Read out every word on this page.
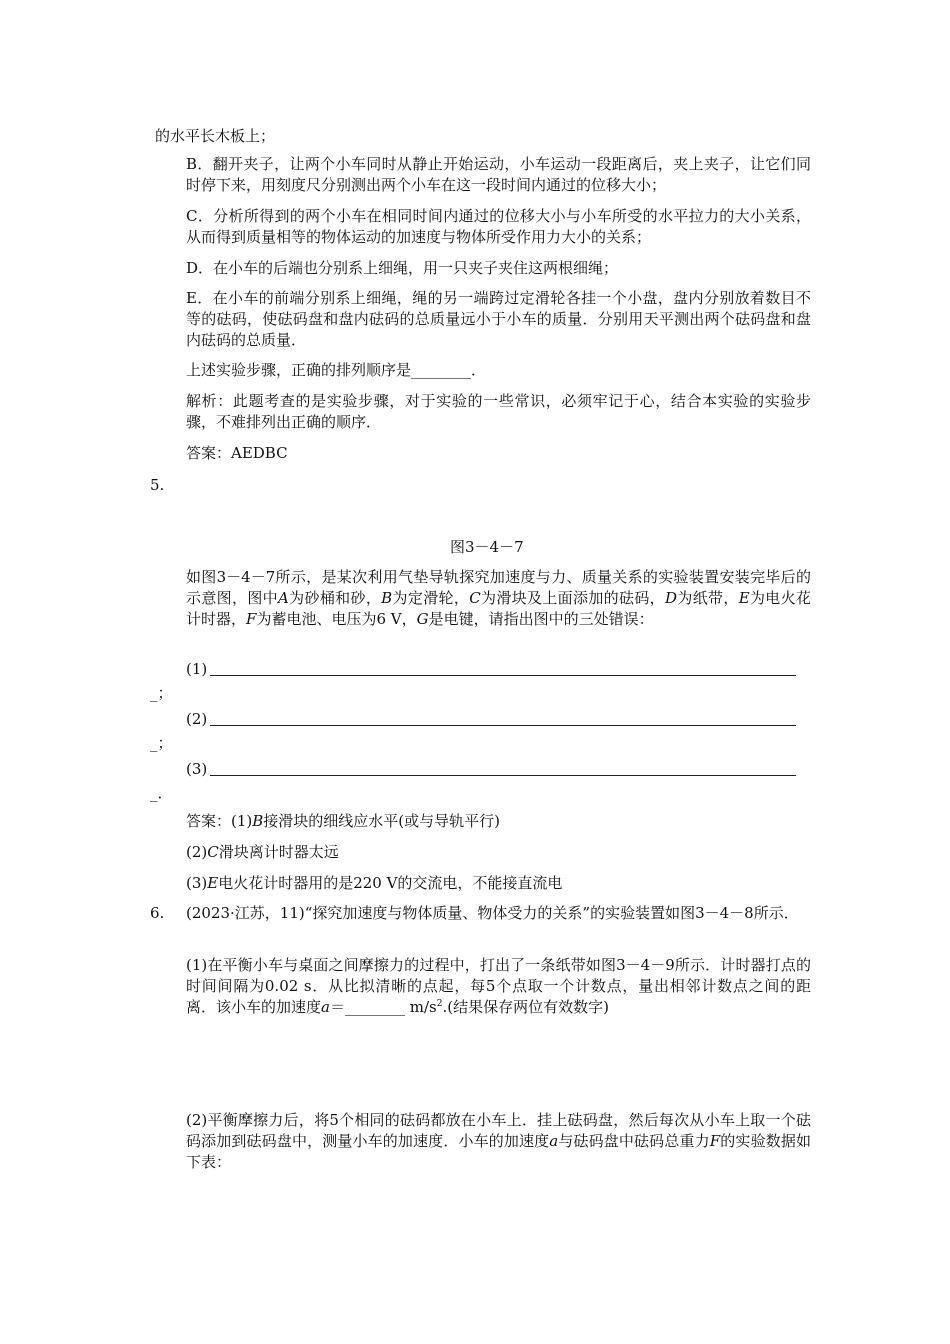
的水平长木板上；

B．翻开夹子，让两个小车同时从静止开始运动，小车运动一段距离后，夹上夹子，让它们同时停下来，用刻度尺分别测出两个小车在这一段时间内通过的位移大小；

C．分析所得到的两个小车在相同时间内通过的位移大小与小车所受的水平拉力的大小关系，从而得到质量相等的物体运动的加速度与物体所受作用力大小的关系；

D．在小车的后端也分别系上细绳，用一只夹子夹住这两根细绳；

E．在小车的前端分别系上细绳，绳的另一端跨过定滑轮各挂一个小盘，盘内分别放着数目不等的砝码，使砝码盘和盘内砝码的总质量远小于小车的质量．分别用天平测出两个砝码盘和盘内砝码的总质量．

上述实验步骤，正确的排列顺序是________．

解析：此题考查的是实验步骤，对于实验的一些常识，必须牢记于心，结合本实验的实验步骤，不难排列出正确的顺序．

答案：AEDBC

5.

图3－4－7

如图3－4－7所示，是某次利用气垫导轨探究加速度与力、质量关系的实验装置安装完毕后的示意图，图中A为砂桶和砂，B为定滑轮，C为滑块及上面添加的砝码，D为纸带，E为电火花计时器，F为蓄电池、电压为6 V，G是电键，请指出图中的三处错误：

(1)

_；

(2)

_；

(3)

_．

答案：(1)B接滑块的细线应水平(或与导轨平行)

(2)C滑块离计时器太远

(3)E电火花计时器用的是220 V的交流电，不能接直流电

6. (2023·江苏，11)“探究加速度与物体质量、物体受力的关系”的实验装置如图3－4－8所示．

(1)在平衡小车与桌面之间摩擦力的过程中，打出了一条纸带如图3－4－9所示．计时器打点的时间间隔为0.02 s．从比拟清晰的点起，每5个点取一个计数点，量出相邻计数点之间的距离．该小车的加速度a＝________ $m/s^2$.(结果保存两位有效数字)

(2)平衡摩擦力后，将5个相同的砝码都放在小车上．挂上砝码盘，然后每次从小车上取一个砝码添加到砝码盘中，测量小车的加速度．小车的加速度a与砝码盘中砝码总重力F的实验数据如下表：
